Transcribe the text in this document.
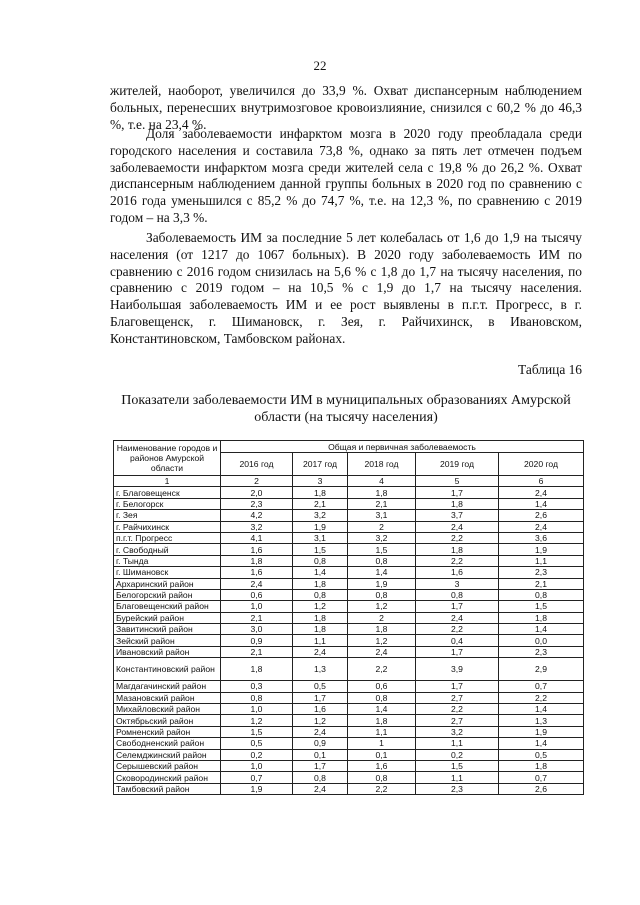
22

жителей, наоборот, увеличился до 33,9 %. Охват диспансерным наблюдением больных, перенесших внутримозговое кровоизлияние, снизился с 60,2 % до 46,3 %, т.е. на 23,4 %.

Доля заболеваемости инфарктом мозга в 2020 году преобладала среди городского населения и составила 73,8 %, однако за пять лет отмечен подъем заболеваемости инфарктом мозга среди жителей села с 19,8 % до 26,2 %. Охват диспансерным наблюдением данной группы больных в 2020 год по сравнению с 2016 года уменьшился с 85,2 % до 74,7 %, т.е. на 12,3 %, по сравнению с 2019 годом – на 3,3 %.

Заболеваемость ИМ за последние 5 лет колебалась от 1,6 до 1,9 на тысячу населения (от 1217 до 1067 больных). В 2020 году заболеваемость ИМ по сравнению с 2016 годом снизилась на 5,6 % с 1,8 до 1,7 на тысячу населения, по сравнению с 2019 годом – на 10,5 % с 1,9 до 1,7 на тысячу населения. Наибольшая заболеваемость ИМ и ее рост выявлены в п.г.т. Прогресс, в г. Благовещенск, г. Шимановск, г. Зея, г. Райчихинск, в Ивановском, Константиновском, Тамбовском районах.

Таблица 16
Показатели заболеваемости ИМ в муниципальных образованиях Амурской области (на тысячу населения)
Наименование городов и районов Амурской области	Общая и первичная заболеваемость				
	2016 год	2017 год	2018 год	2019 год	2020 год
1	2	3	4	5	6
г. Благовещенск	2,0	1,8	1,8	1,7	2,4
г. Белогорск	2,3	2,1	2,1	1,8	1,4
г. Зея	4,2	3,2	3,1	3,7	2,6
г. Райчихинск	3,2	1,9	2	2,4	2,4
п.г.т. Прогресс	4,1	3,1	3,2	2,2	3,6
г. Свободный	1,6	1,5	1,5	1,8	1,9
г. Тында	1,8	0,8	0,8	2,2	1,1
г. Шимановск	1,6	1,4	1,4	1,6	2,3
Архаринский район	2,4	1,8	1,9	3	2,1
Белогорский район	0,6	0,8	0,8	0,8	0,8
Благовещенский район	1,0	1,2	1,2	1,7	1,5
Бурейский район	2,1	1,8	2	2,4	1,8
Завитинский район	3,0	1,8	1,8	2,2	1,4
Зейский район	0,9	1,1	1,2	0,4	0,0
Ивановский район	2,1	2,4	2,4	1,7	2,3
Константиновский район	1,8	1,3	2,2	3,9	2,9
Магдагачинский район	0,3	0,5	0,6	1,7	0,7
Мазановский район	0,8	1,7	0,8	2,7	2,2
Михайловский район	1,0	1,6	1,4	2,2	1,4
Октябрьский район	1,2	1,2	1,8	2,7	1,3
Ромненский район	1,5	2,4	1,1	3,2	1,9
Свободненский район	0,5	0,9	1	1,1	1,4
Селемджинский район	0,2	0,1	0,1	0,2	0,5
Серышевский район	1,0	1,7	1,6	1,5	1,8
Сковородинский район	0,7	0,8	0,8	1,1	0,7
Тамбовский район	1,9	2,4	2,2	2,3	2,6
